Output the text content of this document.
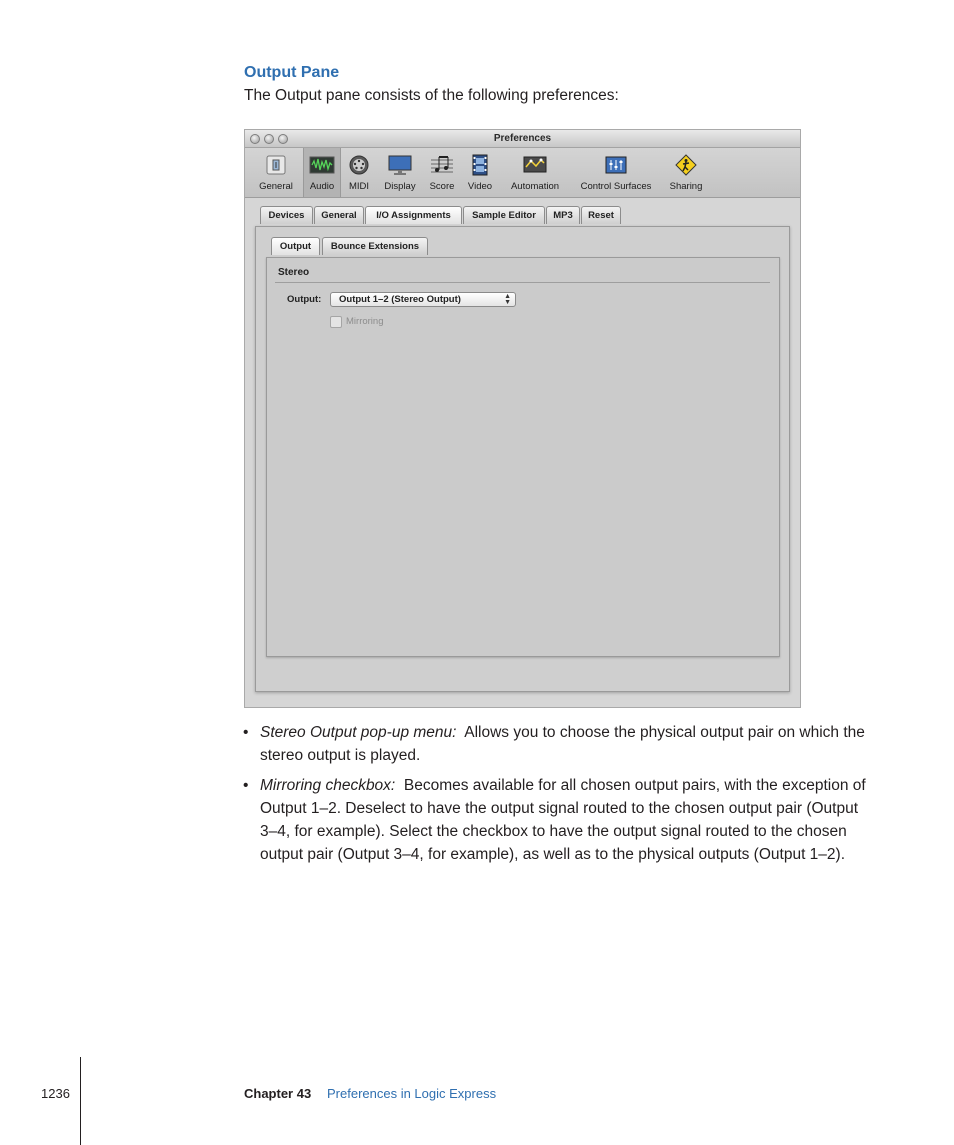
Output Pane
The Output pane consists of the following preferences:
Preferences
General	Audio	MIDI	Display	Score	Video	Automation	Control Surfaces	Sharing
Devices	General	I/O Assignments	Sample Editor	MP3	Reset
Output	Bounce Extensions
Stereo
Output:	Output 1–2 (Stereo Output)	▲
▼
Mirroring
• Stereo Output pop-up menu: Allows you to choose the physical output pair on which the stereo output is played.
• Mirroring checkbox: Becomes available for all chosen output pairs, with the exception of Output 1–2. Deselect to have the output signal routed to the chosen output pair (Output 3–4, for example). Select the checkbox to have the output signal routed to the chosen output pair (Output 3–4, for example), as well as to the physical outputs (Output 1–2).
1236	Chapter 43 Preferences in Logic Express
